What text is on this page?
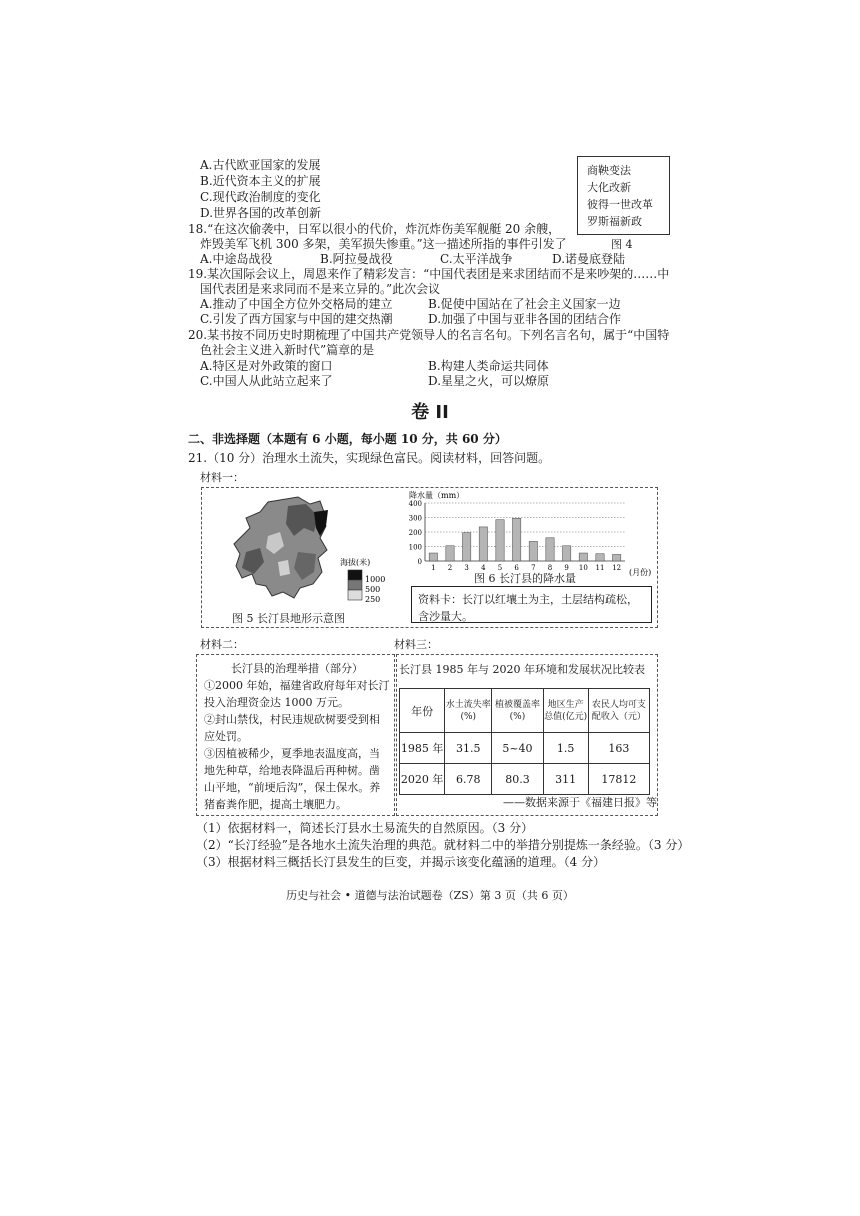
A.古代欧亚国家的发展
B.近代资本主义的扩展
C.现代政治制度的变化
D.世界各国的改革创新
商鞅变法
大化改新
彼得一世改革
罗斯福新政
图 4
18.“在这次偷袭中，日军以很小的代价，炸沉炸伤美军舰艇 20 余艘，
炸毁美军飞机 300 多架，美军损失惨重。”这一描述所指的事件引发了
A.中途岛战役	B.阿拉曼战役	C.太平洋战争	D.诺曼底登陆
19.某次国际会议上，周恩来作了精彩发言：“中国代表团是来求团结而不是来吵架的……中
国代表团是来求同而不是来立异的。”此次会议
A.推动了中国全方位外交格局的建立	B.促使中国站在了社会主义国家一边
C.引发了西方国家与中国的建交热潮	D.加强了中国与亚非各国的团结合作
20.某书按不同历史时期梳理了中国共产党领导人的名言名句。下列名言名句，属于“中国特
色社会主义进入新时代”篇章的是
A.特区是对外政策的窗口	B.构建人类命运共同体
C.中国人从此站立起来了	D.星星之火，可以燎原
卷 II
二、非选择题（本题有 6 小题，每小题 10 分，共 60 分）
21.（10 分）治理水土流失，实现绿色富民。阅读材料，回答问题。
材料一：
海拔(米)
1000
500
250
图 5 长汀县地形示意图
降水量（mm）
0
100
200
300
400
1 2 3 4 5 6 7 8 9 10 11 12 (月份)
图 6 长汀县的降水量
资料卡：长汀以红壤土为主，土层结构疏松，含沙量大。
材料二：
长汀县的治理举措（部分）
①2000 年始，福建省政府每年对长汀投入治理资金达 1000 万元。
②封山禁伐，村民违规砍树要受到相应处罚。
③因植被稀少，夏季地表温度高，当地先种草，给地表降温后再种树。凿山平地，“前埂后沟”，保土保水。养猪畜粪作肥，提高土壤肥力。
材料三：
长汀县 1985 年与 2020 年环境和发展状况比较表
年份	水土流失率(%)	植被覆盖率(%)	地区生产总值(亿元)	农民人均可支配收入（元）
1985 年	31.5	5~40	1.5	163
2020 年	6.78	80.3	311	17812
——数据来源于《福建日报》等
（1）依据材料一，简述长汀县水土易流失的自然原因。（3 分）
（2）“长汀经验”是各地水土流失治理的典范。就材料二中的举措分别提炼一条经验。（3 分）
（3）根据材料三概括长汀县发生的巨变，并揭示该变化蕴涵的道理。（4 分）
历史与社会 • 道德与法治试题卷（ZS）第 3 页（共 6 页）
